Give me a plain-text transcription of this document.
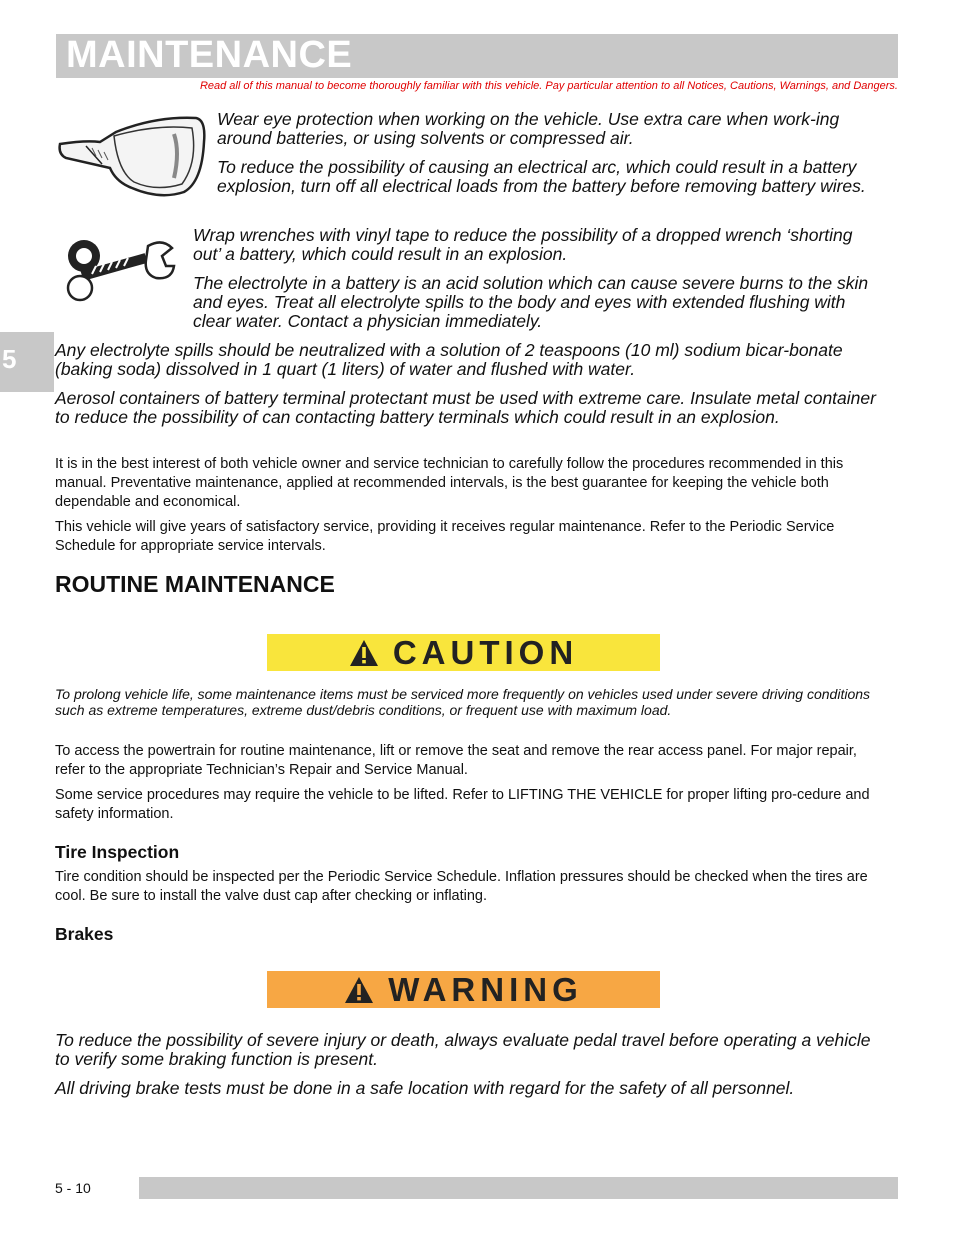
MAINTENANCE
Read all of this manual to become thoroughly familiar with this vehicle. Pay particular attention to all Notices, Cautions, Warnings, and Dangers.

Wear eye protection when working on the vehicle. Use extra care when work-ing around batteries, or using solvents or compressed air.

To reduce the possibility of causing an electrical arc, which could result in a battery explosion, turn off all electrical loads from the battery before removing battery wires.

Wrap wrenches with vinyl tape to reduce the possibility of a dropped wrench ‘shorting out’ a battery, which could result in an explosion.

The electrolyte in a battery is an acid solution which can cause severe burns to the skin and eyes. Treat all electrolyte spills to the body and eyes with extended flushing with clear water. Contact a physician immediately.

5 Any electrolyte spills should be neutralized with a solution of 2 teaspoons (10 ml) sodium bicar-bonate (baking soda) dissolved in 1 quart (1 liters) of water and flushed with water.

Aerosol containers of battery terminal protectant must be used with extreme care. Insulate metal container to reduce the possibility of can contacting battery terminals which could result in an explosion.

It is in the best interest of both vehicle owner and service technician to carefully follow the procedures recommended in this manual. Preventative maintenance, applied at recommended intervals, is the best guarantee for keeping the vehicle both dependable and economical.

This vehicle will give years of satisfactory service, providing it receives regular maintenance. Refer to the Periodic Service Schedule for appropriate service intervals.

ROUTINE MAINTENANCE
CAUTION
To prolong vehicle life, some maintenance items must be serviced more frequently on vehicles used under severe driving conditions such as extreme temperatures, extreme dust/debris conditions, or frequent use with maximum load.

To access the powertrain for routine maintenance, lift or remove the seat and remove the rear access panel. For major repair, refer to the appropriate Technician’s Repair and Service Manual.

Some service procedures may require the vehicle to be lifted. Refer to LIFTING THE VEHICLE for proper lifting pro-cedure and safety information.

Tire Inspection

Tire condition should be inspected per the Periodic Service Schedule. Inflation pressures should be checked when the tires are cool. Be sure to install the valve dust cap after checking or inflating.

Brakes
WARNING

To reduce the possibility of severe injury or death, always evaluate pedal travel before operating a vehicle to verify some braking function is present.

All driving brake tests must be done in a safe location with regard for the safety of all personnel.

5 - 10
